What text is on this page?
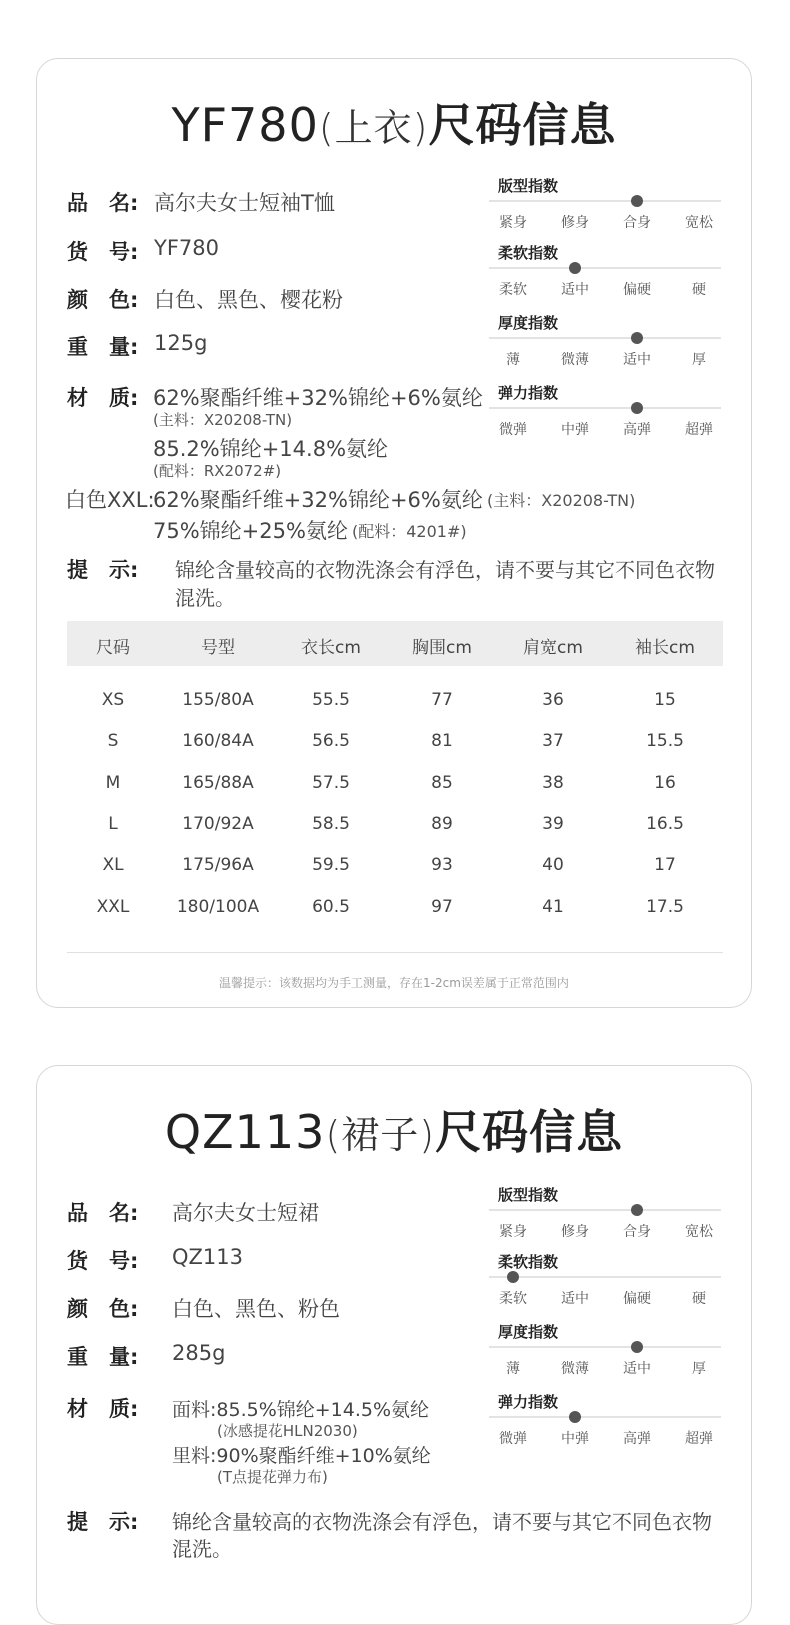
YF780(上衣)尺码信息
品　名: 高尔夫女士短袖T恤
货　号: YF780
颜　色: 白色、黑色、樱花粉
重　量: 125g
材　质: 62%聚酯纤维+32%锦纶+6%氨纶
(主料：X20208-TN)
85.2%锦纶+14.8%氨纶
(配料：RX2072#)
白色XXL:
62%聚酯纤维+32%锦纶+6%氨纶 (主料：X20208-TN)
75%锦纶+25%氨纶 (配料：4201#)
提　示: 锦纶含量较高的衣物洗涤会有浮色，请不要与其它不同色衣物
混洗。
版型指数
紧身	修身	合身	宽松
柔软指数
柔软	适中	偏硬	硬
厚度指数
薄	微薄	适中	厚
弹力指数
微弹	中弹	高弹	超弹
尺码	号型	衣长cm	胸围cm	肩宽cm	袖长cm
XS	155/80A	55.5	77	36	15
S	160/84A	56.5	81	37	15.5
M	165/88A	57.5	85	38	16
L	170/92A	58.5	89	39	16.5
XL	175/96A	59.5	93	40	17
XXL	180/100A	60.5	97	41	17.5
温馨提示：该数据均为手工测量，存在1-2cm误差属于正常范围内
QZ113(裙子)尺码信息
品　名: 高尔夫女士短裙
货　号: QZ113
颜　色: 白色、黑色、粉色
重　量: 285g
材　质: 面料:85.5%锦纶+14.5%氨纶
(冰感提花HLN2030)
里料:90%聚酯纤维+10%氨纶
(T点提花弹力布)
提　示: 锦纶含量较高的衣物洗涤会有浮色，请不要与其它不同色衣物
混洗。
版型指数
紧身	修身	合身	宽松
柔软指数
柔软	适中	偏硬	硬
厚度指数
薄	微薄	适中	厚
弹力指数
微弹	中弹	高弹	超弹
